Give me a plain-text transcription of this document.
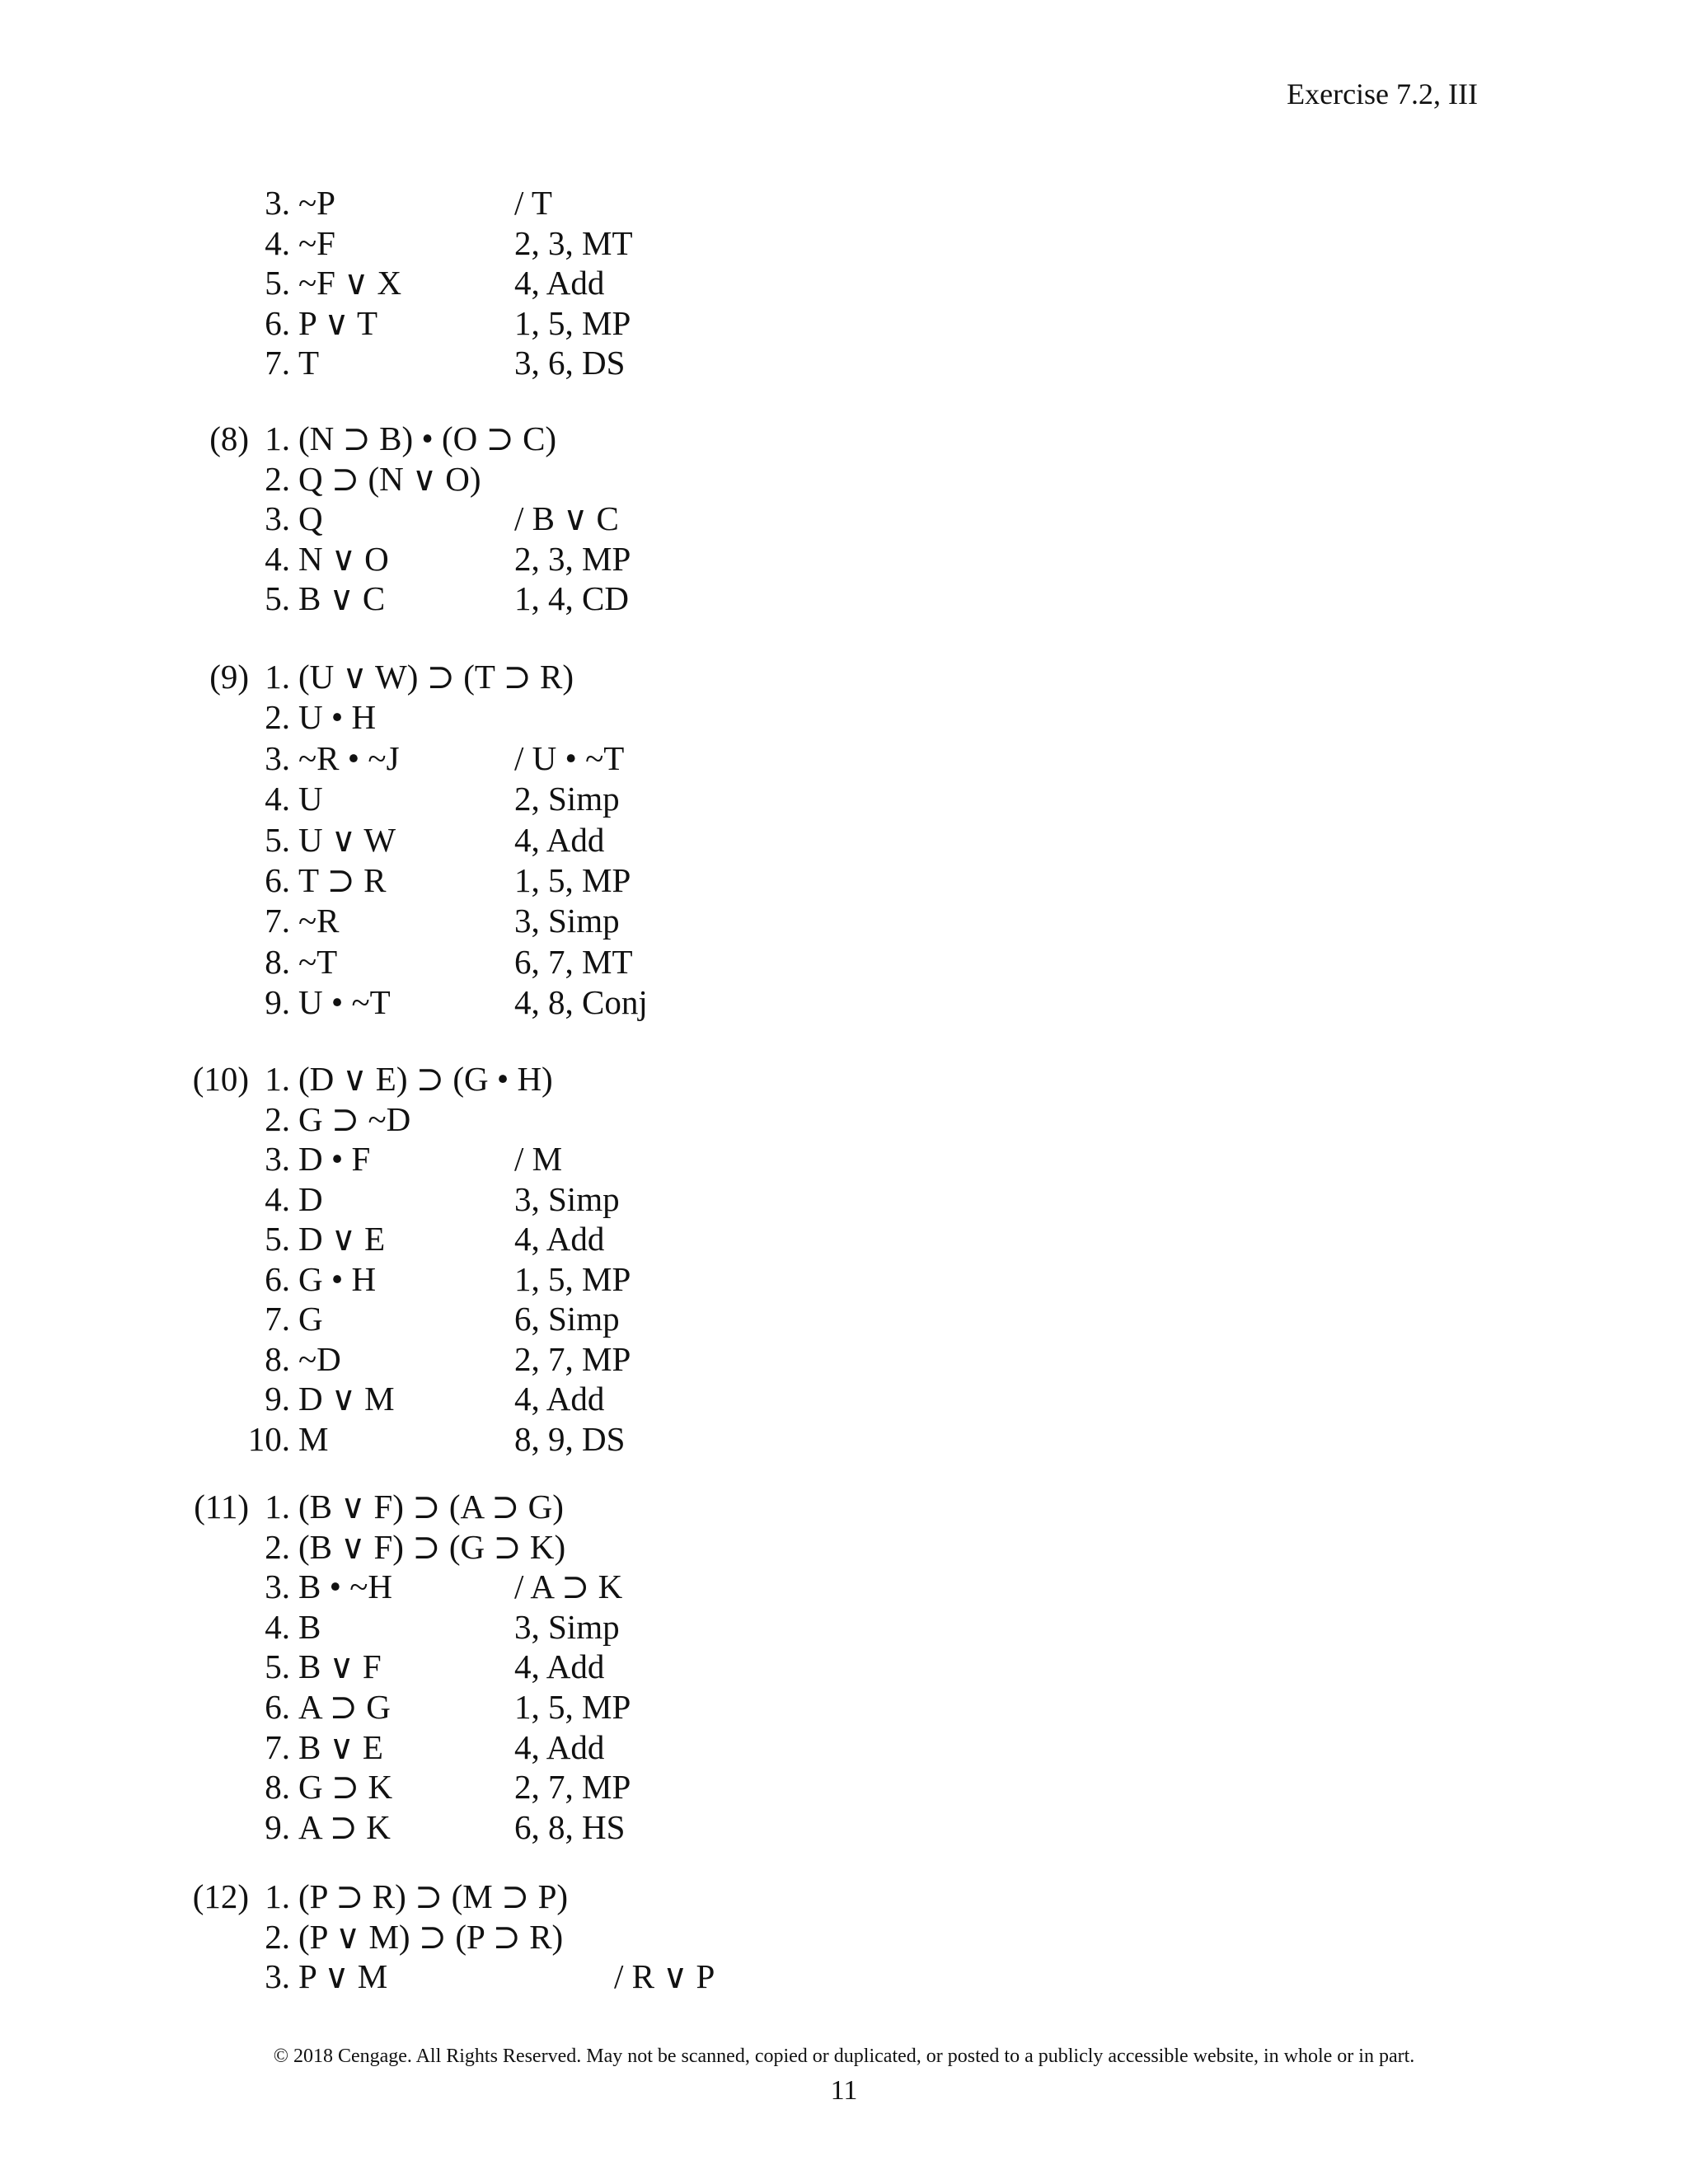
Exercise 7.2, III
3. ~P	/ T
4. ~F	2, 3, MT
5. ~F ∨ X	4, Add
6. P ∨ T	1, 5, MP
7. T	3, 6, DS
(8) 1. (N ⊃ B) • (O ⊃ C)
2. Q ⊃ (N ∨ O)
3. Q	/ B ∨ C
4. N ∨ O	2, 3, MP
5. B ∨ C	1, 4, CD
(9) 1. (U ∨ W) ⊃ (T ⊃ R)
2. U • H
3. ~R • ~J	/ U • ~T
4. U	2, Simp
5. U ∨ W	4, Add
6. T ⊃ R	1, 5, MP
7. ~R	3, Simp
8. ~T	6, 7, MT
9. U • ~T	4, 8, Conj
(10) 1. (D ∨ E) ⊃ (G • H)
2. G ⊃ ~D
3. D • F	/ M
4. D	3, Simp
5. D ∨ E	4, Add
6. G • H	1, 5, MP
7. G	6, Simp
8. ~D	2, 7, MP
9. D ∨ M	4, Add
10. M	8, 9, DS
(11) 1. (B ∨ F) ⊃ (A ⊃ G)
2. (B ∨ F) ⊃ (G ⊃ K)
3. B • ~H	/ A ⊃ K
4. B	3, Simp
5. B ∨ F	4, Add
6. A ⊃ G	1, 5, MP
7. B ∨ E	4, Add
8. G ⊃ K	2, 7, MP
9. A ⊃ K	6, 8, HS
(12) 1. (P ⊃ R) ⊃ (M ⊃ P)
2. (P ∨ M) ⊃ (P ⊃ R)
3. P ∨ M	/ R ∨ P
© 2018 Cengage. All Rights Reserved. May not be scanned, copied or duplicated, or posted to a publicly accessible website, in whole or in part.
11
